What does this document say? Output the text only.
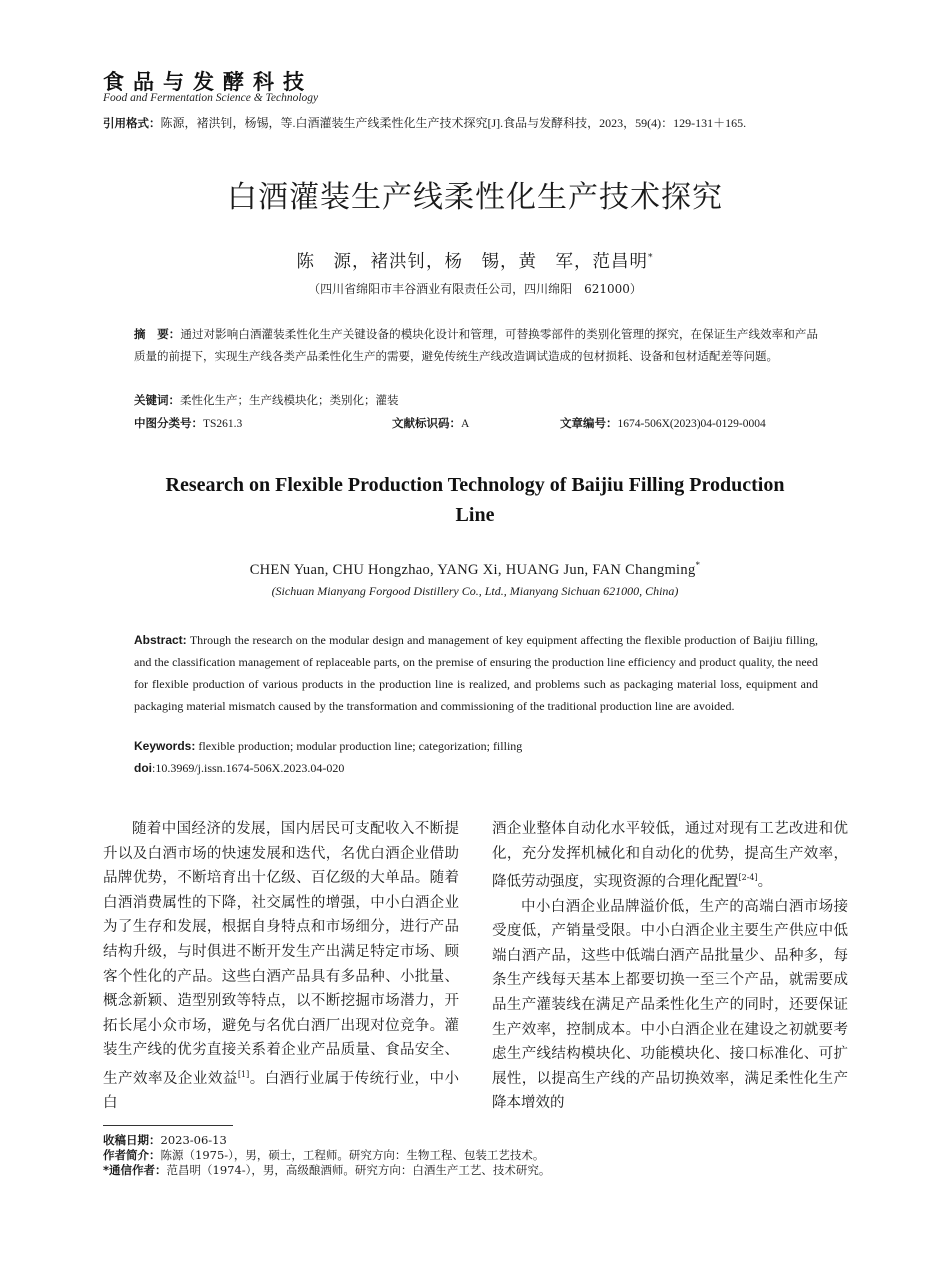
食品与发酵科技
Food and Fermentation Science & Technology
引用格式：陈源，褚洪钊，杨锡，等.白酒灌装生产线柔性化生产技术探究[J].食品与发酵科技，2023，59(4)：129-131＋165.
白酒灌装生产线柔性化生产技术探究
陈　源，褚洪钊，杨　锡，黄　军，范昌明*
（四川省绵阳市丰谷酒业有限责任公司，四川绵阳　621000）
摘　要：通过对影响白酒灌装柔性化生产关键设备的模块化设计和管理，可替换零部件的类别化管理的探究，在保证生产线效率和产品质量的前提下，实现生产线各类产品柔性化生产的需要，避免传统生产线改造调试造成的包材损耗、设备和包材适配差等问题。
关键词：柔性化生产；生产线模块化；类别化；灌装
中图分类号：TS261.3	文献标识码：A	文章编号：1674-506X(2023)04-0129-0004
Research on Flexible Production Technology of Baijiu Filling Production Line
CHEN Yuan, CHU Hongzhao, YANG Xi, HUANG Jun, FAN Changming*
(Sichuan Mianyang Forgood Distillery Co., Ltd., Mianyang Sichuan 621000, China)
Abstract: Through the research on the modular design and management of key equipment affecting the flexible production of Baijiu filling, and the classification management of replaceable parts, on the premise of ensuring the production line efficiency and product quality, the need for flexible production of various products in the production line is realized, and problems such as packaging material loss, equipment and packaging material mismatch caused by the transformation and commissioning of the traditional production line are avoided.
Keywords: flexible production; modular production line; categorization; filling
doi:10.3969/j.issn.1674-506X.2023.04-020

随着中国经济的发展，国内居民可支配收入不断提升以及白酒市场的快速发展和迭代，名优白酒企业借助品牌优势，不断培育出十亿级、百亿级的大单品。随着白酒消费属性的下降，社交属性的增强，中小白酒企业为了生存和发展，根据自身特点和市场细分，进行产品结构升级，与时俱进不断开发生产出满足特定市场、顾客个性化的产品。这些白酒产品具有多品种、小批量、概念新颖、造型别致等特点，以不断挖掘市场潜力，开拓长尾小众市场，避免与名优白酒厂出现对位竞争。灌装生产线的优劣直接关系着企业产品质量、食品安全、生产效率及企业效益[1]。白酒行业属于传统行业，中小白

酒企业整体自动化水平较低，通过对现有工艺改进和优化，充分发挥机械化和自动化的优势，提高生产效率，降低劳动强度，实现资源的合理化配置[2-4]。

中小白酒企业品牌溢价低，生产的高端白酒市场接受度低，产销量受限。中小白酒企业主要生产供应中低端白酒产品，这些中低端白酒产品批量少、品种多，每条生产线每天基本上都要切换一至三个产品，就需要成品生产灌装线在满足产品柔性化生产的同时，还要保证生产效率，控制成本。中小白酒企业在建设之初就要考虑生产线结构模块化、功能模块化、接口标准化、可扩展性，以提高生产线的产品切换效率，满足柔性化生产降本增效的

收稿日期：2023-06-13
作者简介：陈源（1975-），男，硕士，工程师。研究方向：生物工程、包装工艺技术。
*通信作者：范昌明（1974-），男，高级酿酒师。研究方向：白酒生产工艺、技术研究。
